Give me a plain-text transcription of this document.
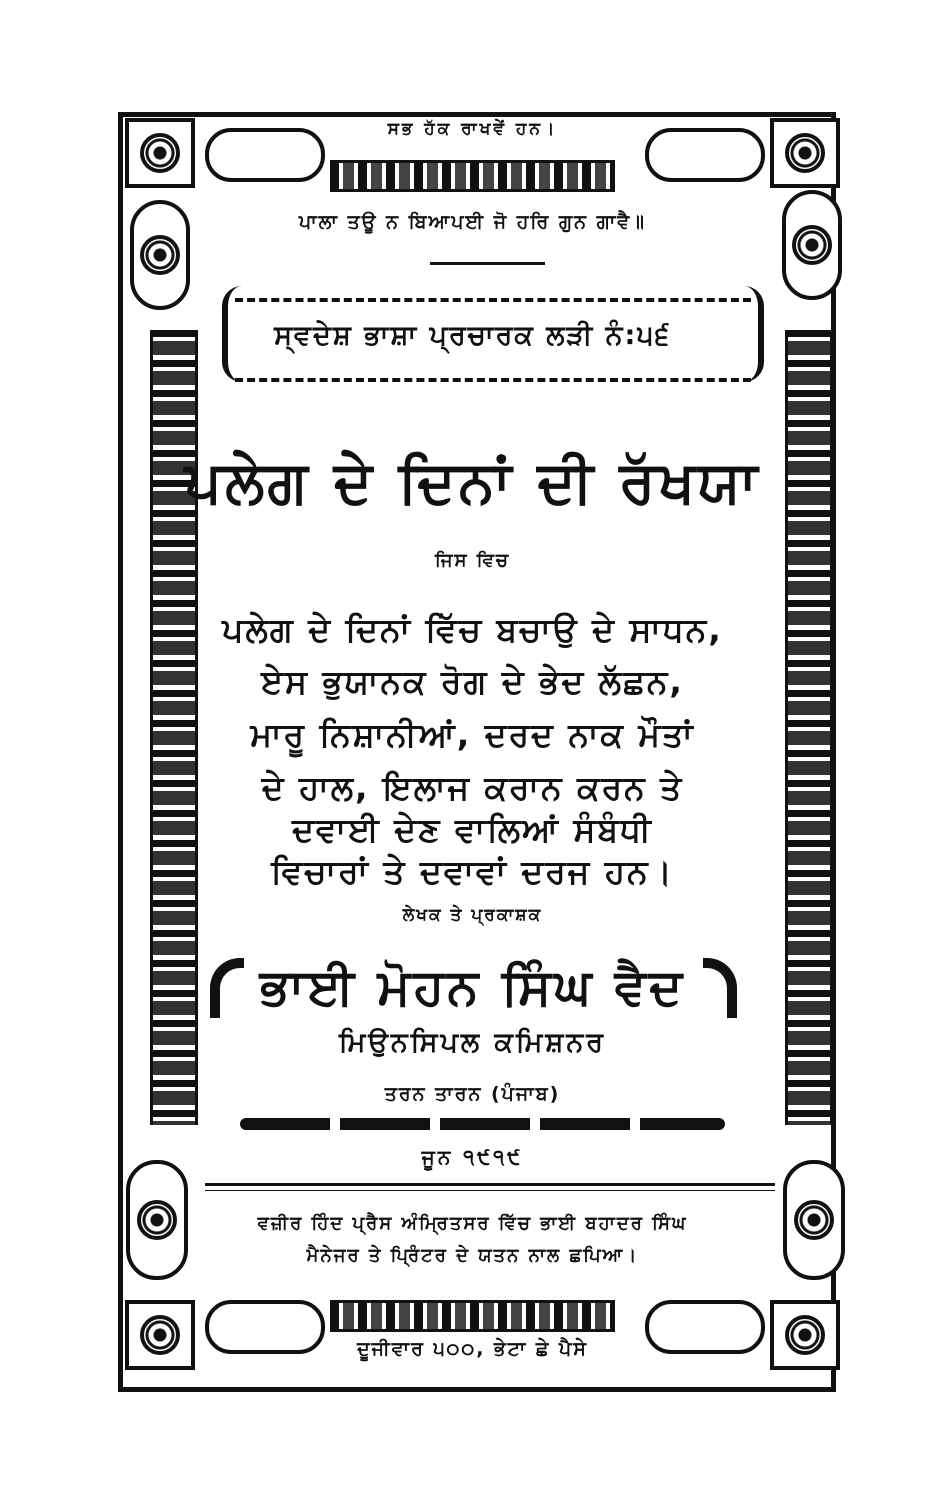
ਸਭ ਹੱਕ ਰਾਖਵੇਂ ਹਨ।
ਪਾਲਾ ਤਊ ਨ ਬਿਆਪਈ ਜੋ ਹਰਿ ਗੁਨ ਗਾਵੈ॥
ਸ੍ਵਦੇਸ਼ ਭਾਸ਼ਾ ਪ੍ਰਚਾਰਕ ਲੜੀ ਨੰ:੫੬
ਪਲੇਗ ਦੇ ਦਿਨਾਂ ਦੀ ਰੱਖਯਾ
ਜਿਸ ਵਿਚ
ਪਲੇਗ ਦੇ ਦਿਨਾਂ ਵਿੱਚ ਬਚਾਉ ਦੇ ਸਾਧਨ,
ਏਸ ਭੁਯਾਨਕ ਰੋਗ ਦੇ ਭੇਦ ਲੱਛਨ,
ਮਾਰੂ ਨਿਸ਼ਾਨੀਆਂ, ਦਰਦ ਨਾਕ ਮੌਤਾਂ
ਦੇ ਹਾਲ, ਇਲਾਜ ਕਰਾਨ ਕਰਨ ਤੇ
ਦਵਾਈ ਦੇਣ ਵਾਲਿਆਂ ਸੰਬੰਧੀ
ਵਿਚਾਰਾਂ ਤੇ ਦਵਾਵਾਂ ਦਰਜ ਹਨ।
ਲੇਖਕ ਤੇ ਪ੍ਰਕਾਸ਼ਕ
ਭਾਈ ਮੋਹਨ ਸਿੰਘ ਵੈਦ
ਮਿਉਨਸਿਪਲ ਕਮਿਸ਼ਨਰ
ਤਰਨ ਤਾਰਨ (ਪੰਜਾਬ)
ਜੂਨ ੧੯੧੯
ਵਜ਼ੀਰ ਹਿੰਦ ਪ੍ਰੈਸ ਅੰਮ੍ਰਿਤਸਰ ਵਿੱਚ ਭਾਈ ਬਹਾਦਰ ਸਿੰਘ
ਮੈਨੇਜਰ ਤੇ ਪ੍ਰਿੰਟਰ ਦੇ ਯਤਨ ਨਾਲ ਛਪਿਆ।
ਦੂਜੀਵਾਰ ੫੦੦, ਭੇਟਾ ਛੇ ਪੈਸੇ
